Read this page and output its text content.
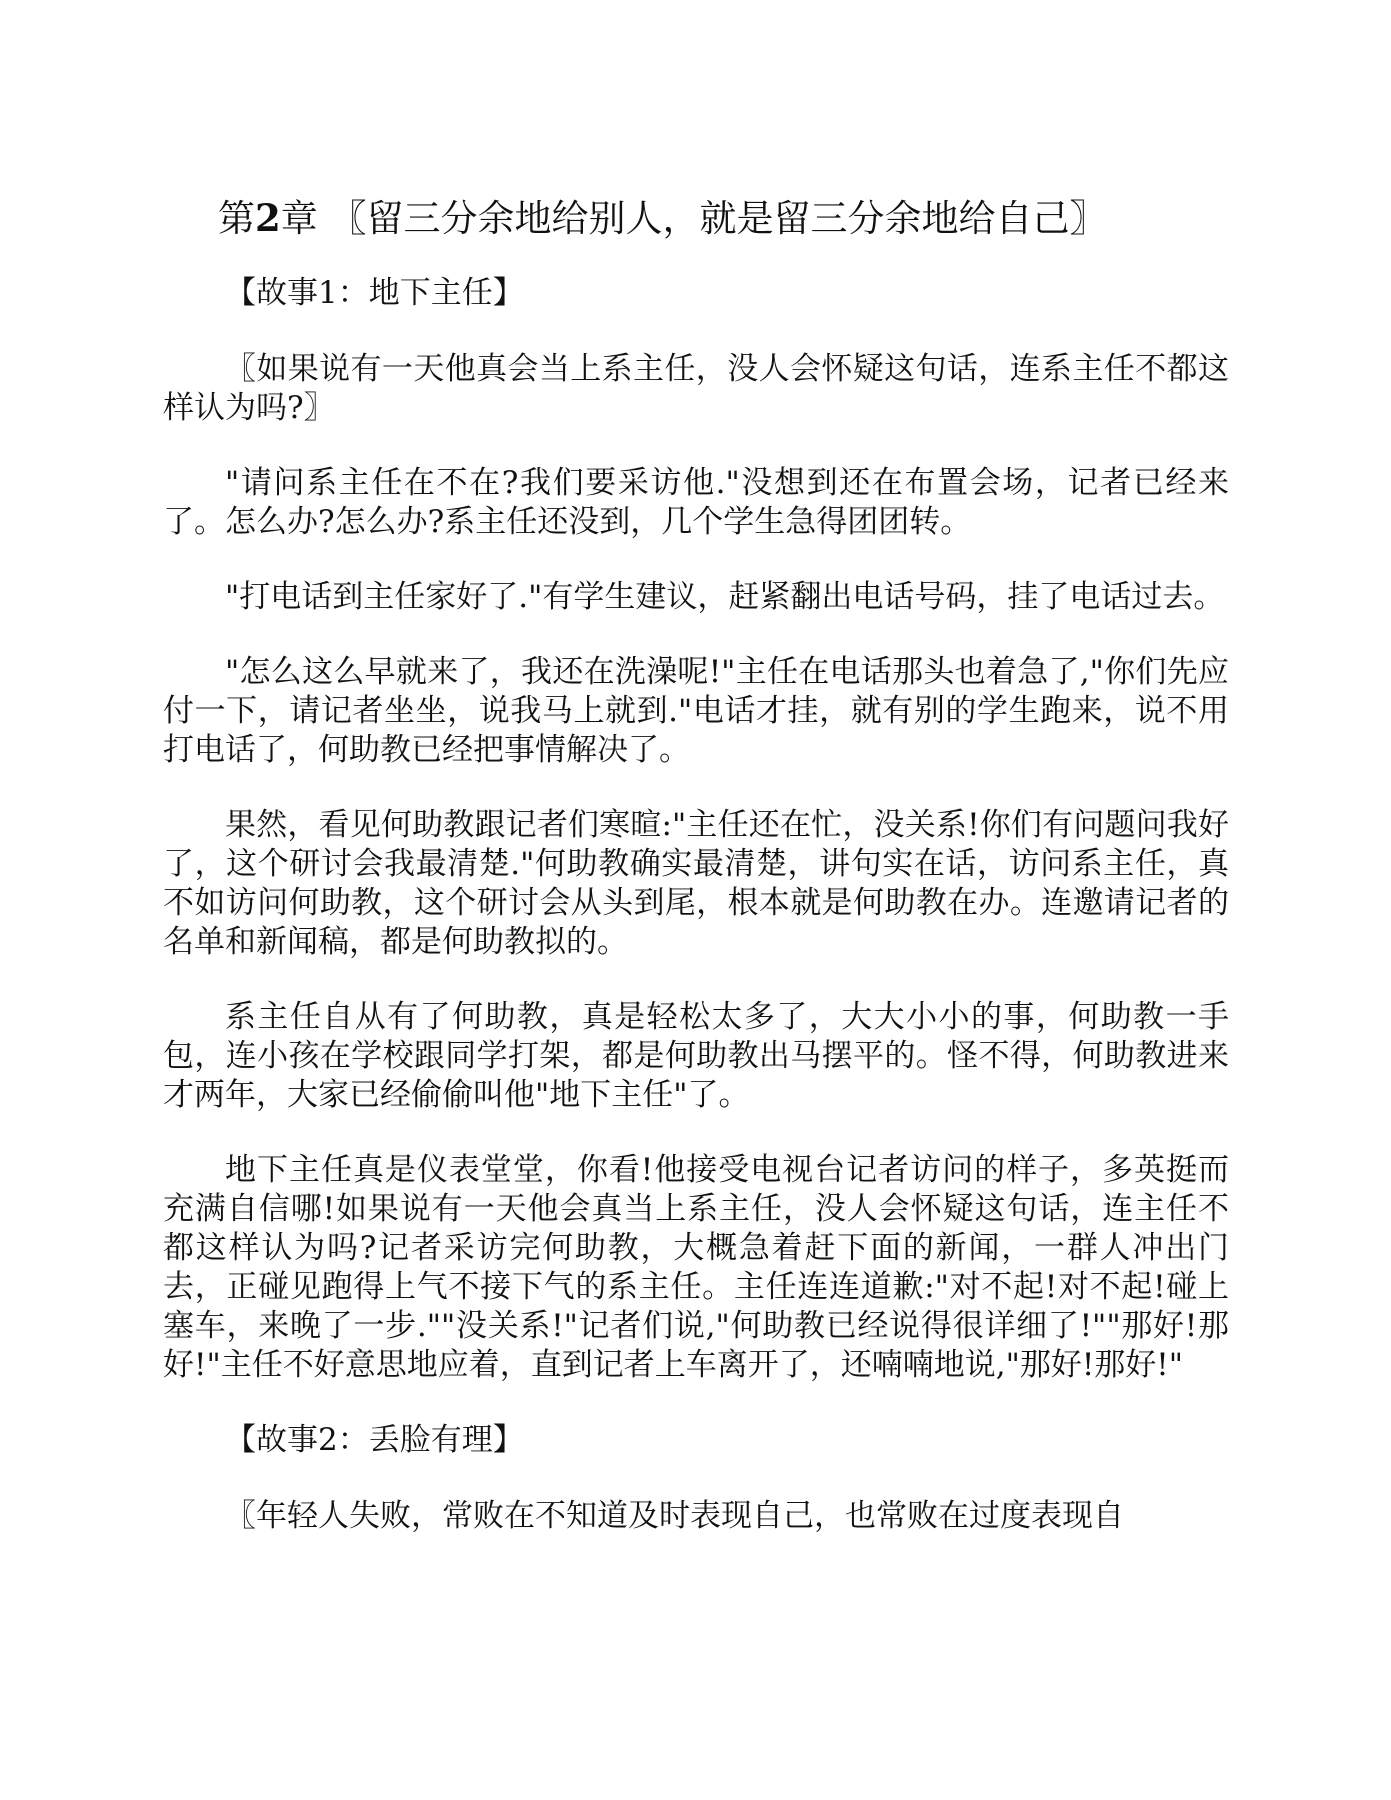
第2章 〖留三分余地给别人，就是留三分余地给自己〗

【故事1：地下主任】

〖如果说有一天他真会当上系主任，没人会怀疑这句话，连系主任不都这样认为吗?〗

"请问系主任在不在?我们要采访他."没想到还在布置会场，记者已经来了。怎么办?怎么办?系主任还没到，几个学生急得团团转。

"打电话到主任家好了."有学生建议，赶紧翻出电话号码，挂了电话过去。

"怎么这么早就来了，我还在洗澡呢!"主任在电话那头也着急了,"你们先应付一下，请记者坐坐，说我马上就到."电话才挂，就有别的学生跑来，说不用打电话了，何助教已经把事情解决了。

果然，看见何助教跟记者们寒暄:"主任还在忙，没关系!你们有问题问我好了，这个研讨会我最清楚."何助教确实最清楚，讲句实在话，访问系主任，真不如访问何助教，这个研讨会从头到尾，根本就是何助教在办。连邀请记者的名单和新闻稿，都是何助教拟的。

系主任自从有了何助教，真是轻松太多了，大大小小的事，何助教一手包，连小孩在学校跟同学打架，都是何助教出马摆平的。怪不得，何助教进来才两年，大家已经偷偷叫他"地下主任"了。

地下主任真是仪表堂堂，你看!他接受电视台记者访问的样子，多英挺而充满自信哪!如果说有一天他会真当上系主任，没人会怀疑这句话，连主任不都这样认为吗?记者采访完何助教，大概急着赶下面的新闻，一群人冲出门去，正碰见跑得上气不接下气的系主任。主任连连道歉:"对不起!对不起!碰上塞车，来晚了一步.""没关系!"记者们说,"何助教已经说得很详细了!""那好!那好!"主任不好意思地应着，直到记者上车离开了，还喃喃地说,"那好!那好!"

【故事2：丢脸有理】

〖年轻人失败，常败在不知道及时表现自己，也常败在过度表现自
